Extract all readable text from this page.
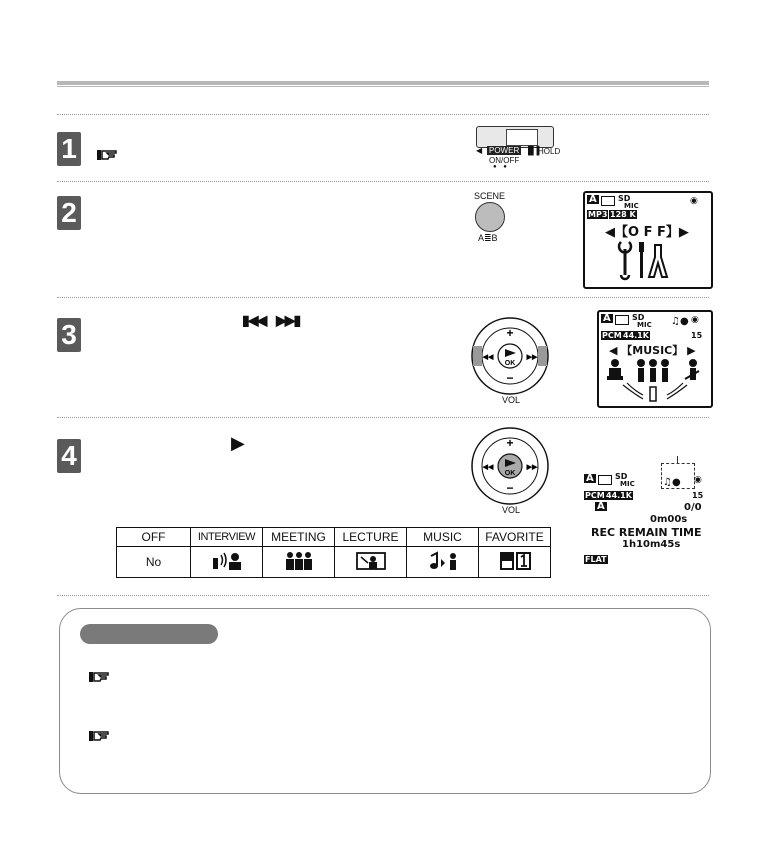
1	◀ POWER █▐
HOLD
ON/OFF
●    ●
2
SCENE
A≣B
A	SD
MIC	◉
MP3 128 K
◀【O F F】▶
3	▮◀◀ ▶▶▮
OK
+
−
◀◀	▶▶
VOL
A	SD
MIC ♫● ◉
PCM 44.1K	15
◀ 【MUSIC】 ▶
4	▶
OK
+
−
◀◀	▶▶
VOL
OFF	INTERVIEW	MEETING	LECTURE	MUSIC	FAVORITE
No					
A	SD
MIC	♫● ◉
PCM 44.1K	15
A	0/0
0m00s
REC REMAIN TIME
1h10m45s
FLAT
